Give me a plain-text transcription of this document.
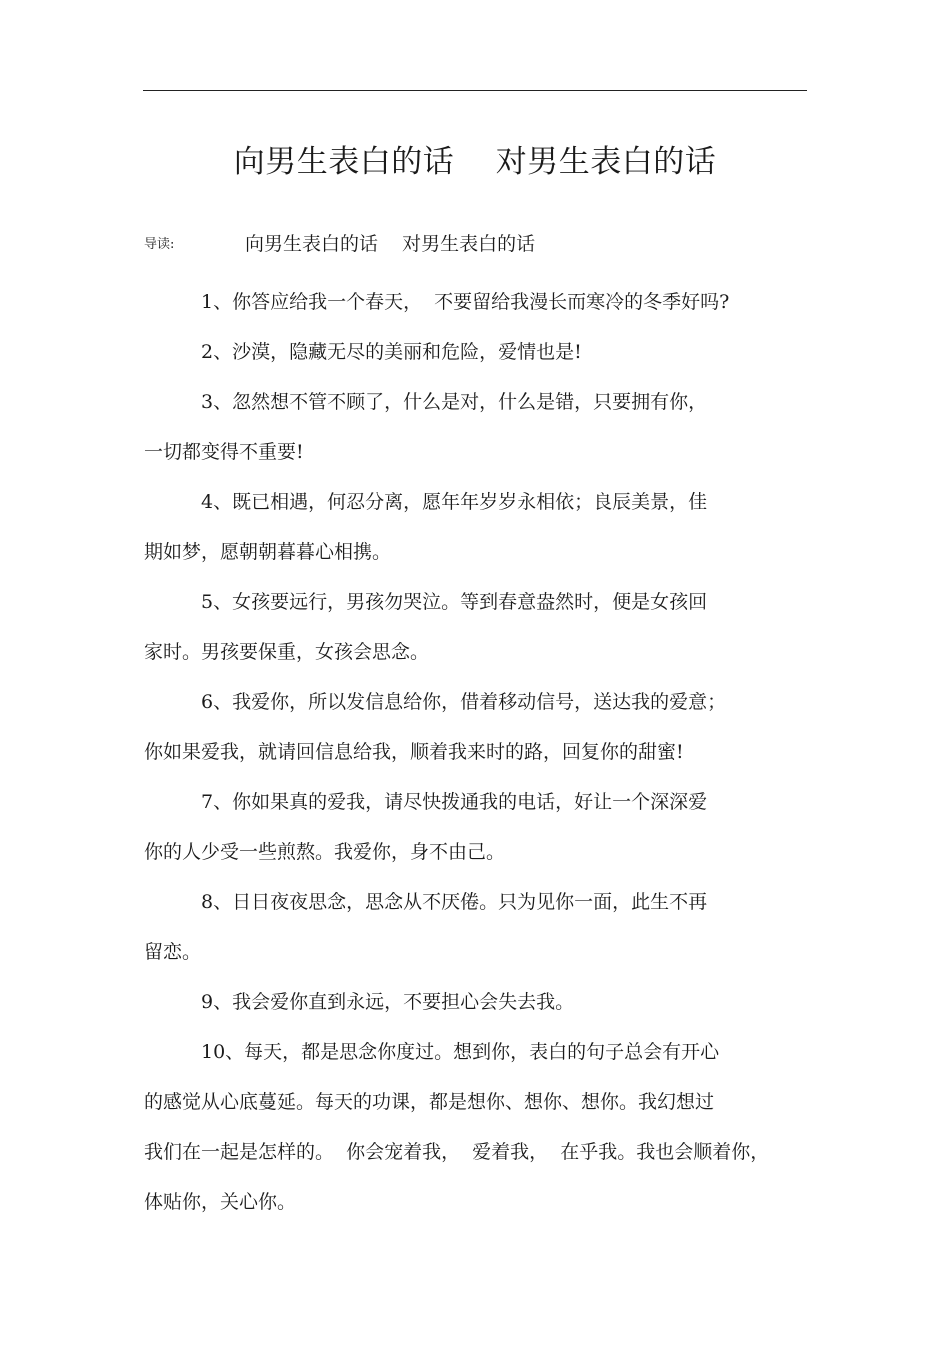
向男生表白的话    对男生表白的话
导读:	向男生表白的话    对男生表白的话
1、你答应给我一个春天，  不要留给我漫长而寒冷的冬季好吗?
2、沙漠，隐藏无尽的美丽和危险，爱情也是!
3、忽然想不管不顾了，什么是对，什么是错，只要拥有你，
一切都变得不重要!
4、既已相遇，何忍分离，愿年年岁岁永相依；良辰美景，佳
期如梦，愿朝朝暮暮心相携。
5、女孩要远行，男孩勿哭泣。等到春意盎然时，便是女孩回
家时。男孩要保重，女孩会思念。
6、我爱你，所以发信息给你，借着移动信号，送达我的爱意；
你如果爱我，就请回信息给我，顺着我来时的路，回复你的甜蜜!
7、你如果真的爱我，请尽快拨通我的电话，好让一个深深爱
你的人少受一些煎熬。我爱你，身不由己。
8、日日夜夜思念，思念从不厌倦。只为见你一面，此生不再
留恋。
9、我会爱你直到永远，不要担心会失去我。
10、每天，都是思念你度过。想到你，表白的句子总会有开心
的感觉从心底蔓延。每天的功课，都是想你、想你、想你。我幻想过
我们在一起是怎样的。  你会宠着我，  爱着我，  在乎我。我也会顺着你，
体贴你，关心你。
